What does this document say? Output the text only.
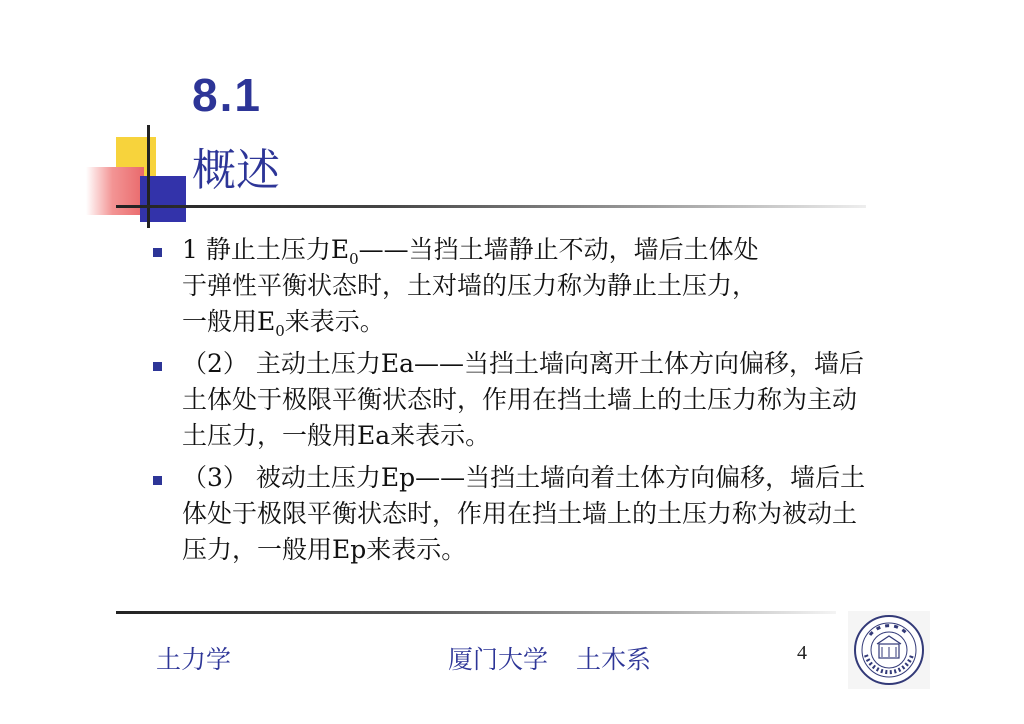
8.1
概述
1 静止土压力$E_0——$当挡土墙静止不动，墙后土体处
于弹性平衡状态时，土对墙的压力称为静止土压力，
一般用$E_0$来表示。
（2） 主动土压力Ea——当挡土墙向离开土体方向偏移，墙后土体处于极限平衡状态时，作用在挡土墙上的土压力称为主动土压力，一般用Ea来表示。
（3） 被动土压力Ep——当挡土墙向着土体方向偏移，墙后土体处于极限平衡状态时，作用在挡土墙上的土压力称为被动土压力，一般用Ep来表示。
土力学	厦门大学 土木系	4
